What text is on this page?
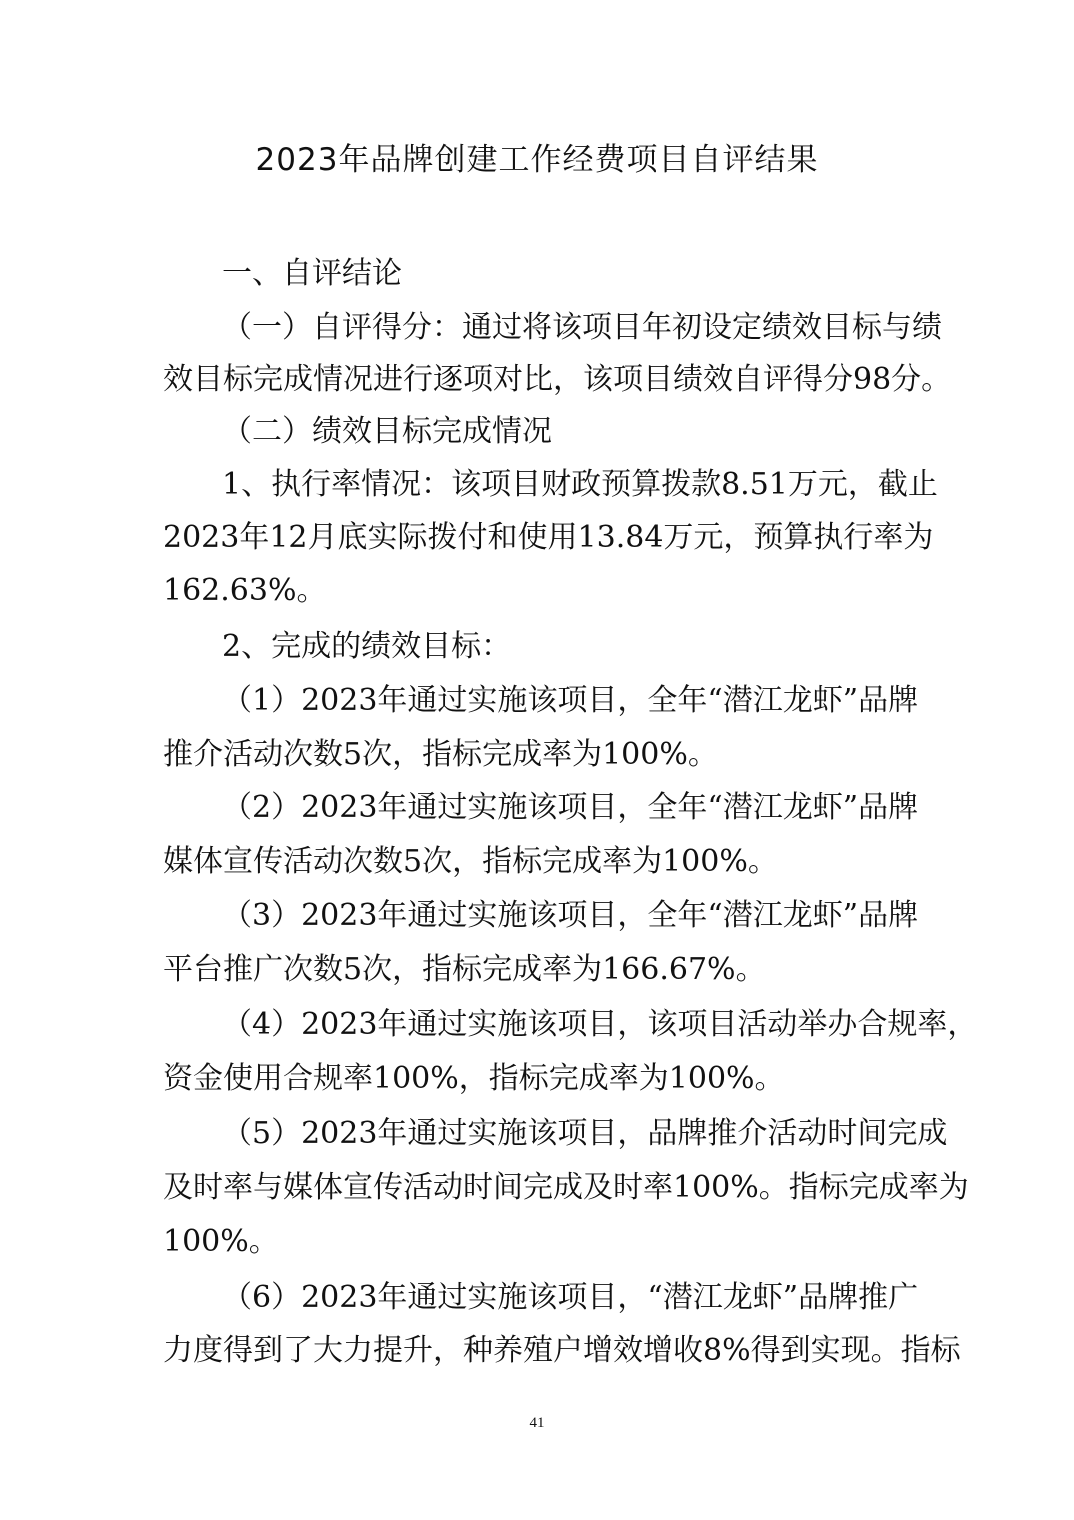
2023年品牌创建工作经费项目自评结果
一、自评结论
（一）自评得分：通过将该项目年初设定绩效目标与绩
效目标完成情况进行逐项对比，该项目绩效自评得分98分。
（二）绩效目标完成情况
1、执行率情况：该项目财政预算拨款8.51万元，截止
2023年12月底实际拨付和使用13.84万元，预算执行率为
162.63%。
2、完成的绩效目标：
（1）2023年通过实施该项目，全年“潜江龙虾”品牌
推介活动次数5次，指标完成率为100%。
（2）2023年通过实施该项目，全年“潜江龙虾”品牌
媒体宣传活动次数5次，指标完成率为100%。
（3）2023年通过实施该项目，全年“潜江龙虾”品牌
平台推广次数5次，指标完成率为166.67%。
（4）2023年通过实施该项目，该项目活动举办合规率，
资金使用合规率100%，指标完成率为100%。
（5）2023年通过实施该项目，品牌推介活动时间完成
及时率与媒体宣传活动时间完成及时率100%。指标完成率为
100%。
（6）2023年通过实施该项目，“潜江龙虾”品牌推广
力度得到了大力提升，种养殖户增效增收8%得到实现。指标
41
